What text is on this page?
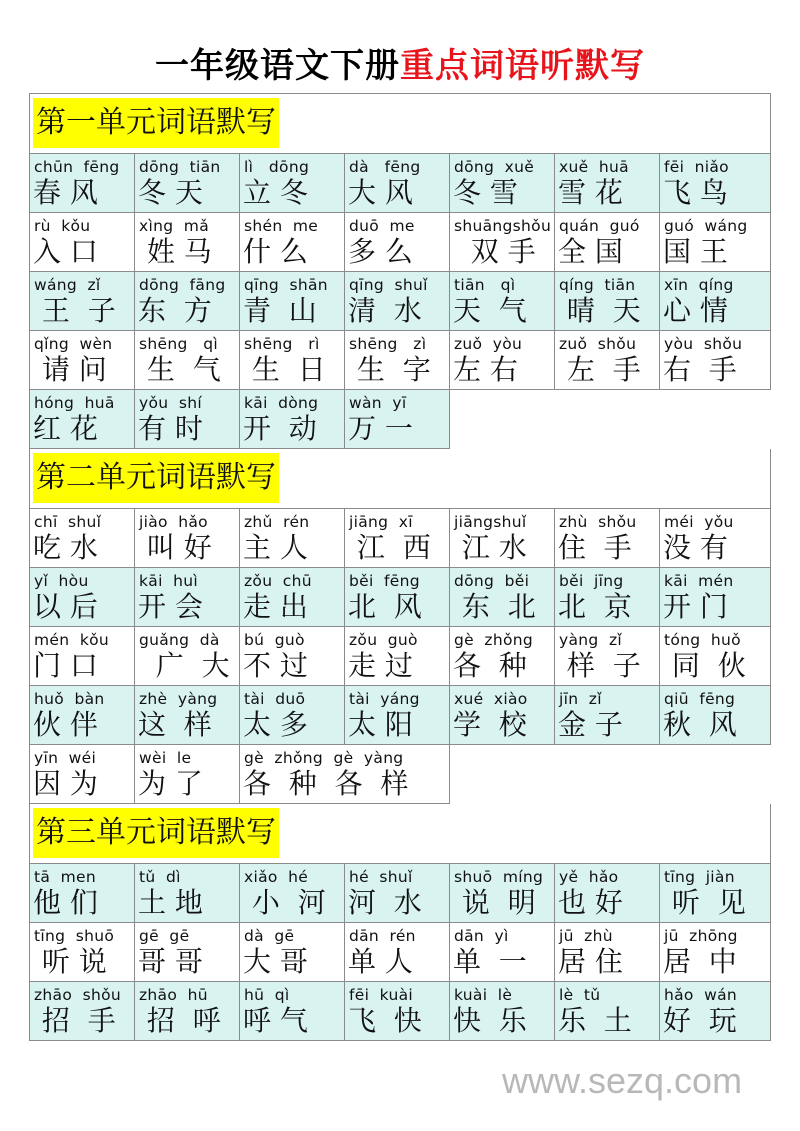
一年级语文下册重点词语听默写
第一单元词语默写
chūn  fēng
春 风
dōng  tiān
冬 天
lì   dōng
立 冬
dà   fēng
大 风
dōng  xuě
冬 雪
xuě  huā
雪 花
fēi  niǎo
飞 鸟
rù  kǒu
入 口
xìng  mǎ
姓 马
shén  me
什 么
duō  me
多 么
shuāngshǒu
双 手
quán  guó
全 国
guó  wáng
国 王
wáng  zǐ
王  子
dōng  fāng
东  方
qīng  shān
青  山
qīng  shuǐ
清  水
tiān   qì
天  气
qíng  tiān
晴  天
xīn  qíng
心 情
qǐng  wèn
请 问
shēng   qì
生  气
shēng   rì
生  日
shēng   zì
生  字
zuǒ  yòu
左 右
zuǒ  shǒu
左  手
yòu  shǒu
右  手
hóng  huā
红 花
yǒu  shí
有 时
kāi  dòng
开  动
wàn  yī
万 一
第二单元词语默写
chī  shuǐ
吃 水
jiào  hǎo
叫 好
zhǔ  rén
主 人
jiāng  xī
江  西
jiāngshuǐ
江 水
zhù  shǒu
住  手
méi  yǒu
没 有
yǐ  hòu
以 后
kāi  huì
开 会
zǒu  chū
走 出
běi  fēng
北  风
dōng  běi
东  北
běi  jīng
北  京
kāi  mén
开 门
mén  kǒu
门 口
guǎng  dà
广  大
bú  guò
不 过
zǒu  guò
走 过
gè  zhǒng
各  种
yàng  zǐ
样  子
tóng  huǒ
同  伙
huǒ  bàn
伙 伴
zhè  yàng
这  样
tài  duō
太 多
tài  yáng
太 阳
xué  xiào
学  校
jīn  zǐ
金 子
qiū  fēng
秋  风
yīn  wéi
因 为
wèi  le
为 了
gè  zhǒng  gè  yàng
各  种  各  样
第三单元词语默写
tā  men
他 们
tǔ  dì
土 地
xiǎo  hé
小  河
hé  shuǐ
河  水
shuō  míng
说  明
yě  hǎo
也 好
tīng  jiàn
听  见
tīng  shuō
听 说
gē  gē
哥 哥
dà  gē
大 哥
dān  rén
单 人
dān  yì
单  一
jū  zhù
居 住
jū  zhōng
居  中
zhāo  shǒu
招  手
zhāo  hū
招  呼
hū  qì
呼 气
fēi  kuài
飞  快
kuài  lè
快  乐
lè  tǔ
乐  土
hǎo  wán
好  玩
www.sezq.com
